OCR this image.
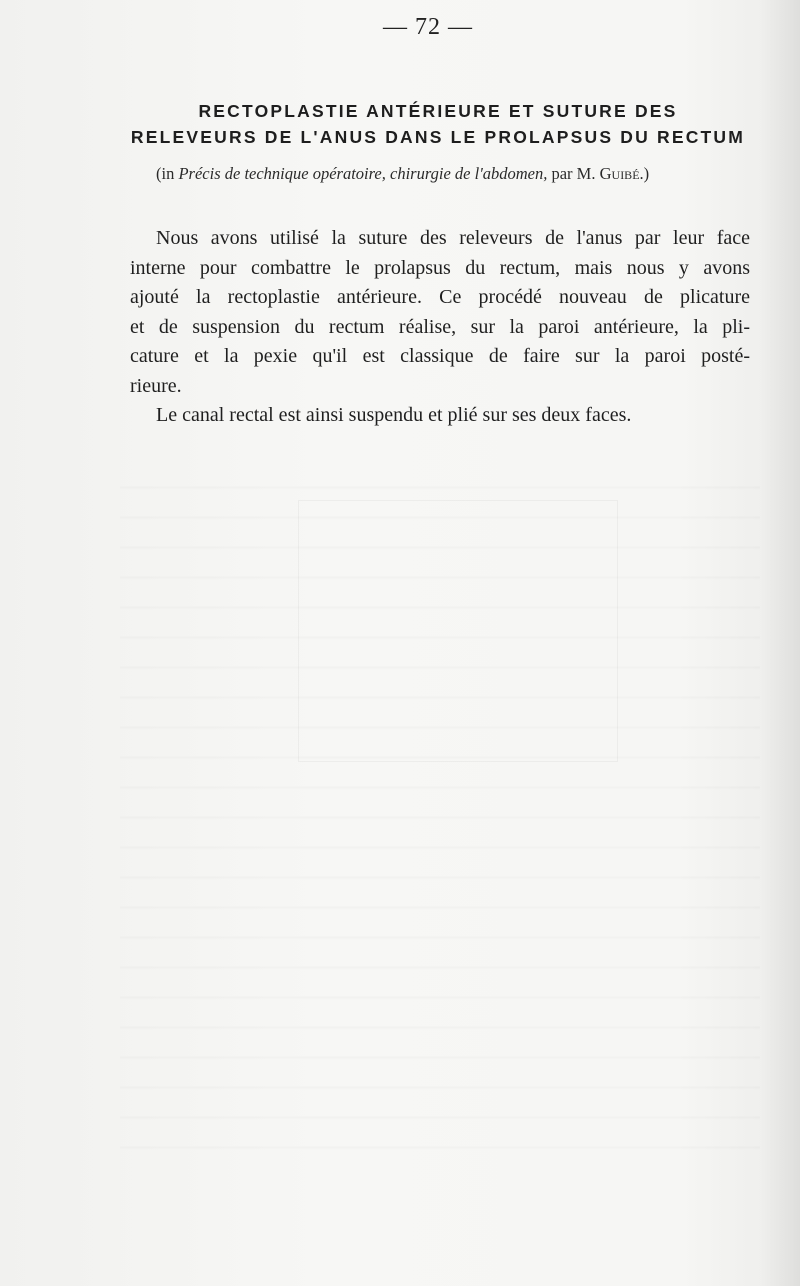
— 72 —
RECTOPLASTIE ANTÉRIEURE ET SUTURE DES
RELEVEURS DE L'ANUS DANS LE PROLAPSUS DU RECTUM
(in Précis de technique opératoire, chirurgie de l'abdomen, par M. Guibé.)

Nous avons utilisé la suture des releveurs de l'anus par leur face
interne pour combattre le prolapsus du rectum, mais nous y avons
ajouté la rectoplastie antérieure. Ce procédé nouveau de plicature
et de suspension du rectum réalise, sur la paroi antérieure, la pli-
cature et la pexie qu'il est classique de faire sur la paroi posté-
rieure.

Le canal rectal est ainsi suspendu et plié sur ses deux faces.
